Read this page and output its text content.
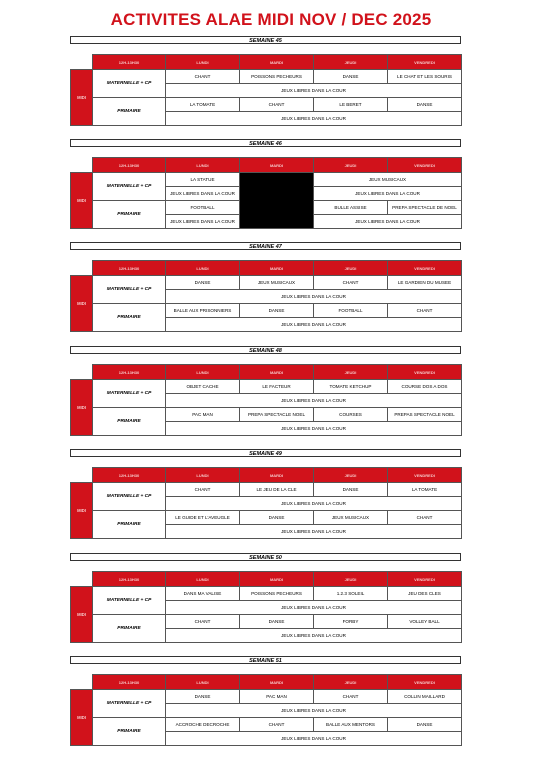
ACTIVITES ALAE MIDI NOV / DEC 2025
SEMAINE 45
	12H-13H30	LUNDI	MARDI	JEUDI	VENDREDI
MIDI	MATERNELLE + CP	CHANT	POISSONS PECHEURS	DANSE	LE CHAT ET LES SOURIS
		JEUX LIBRES DANS LA COUR			
	PRIMAIRE	LA TOMATE	CHANT	LE BERET	DANSE
		JEUX LIBRES DANS LA COUR			
SEMAINE 46
	12H-13H30	LUNDI	MARDI	JEUDI	VENDREDI
MIDI	MATERNELLE + CP	LA STATUE		JEUX MUSICAUX	
		JEUX LIBRES DANS LA COUR		JEUX LIBRES DANS LA COUR	
	PRIMAIRE	FOOTBALL		BULLE ASSISE	PREPA SPECTACLE DE NOEL
		JEUX LIBRES DANS LA COUR		JEUX LIBRES DANS LA COUR	
SEMAINE 47
	12H-13H30	LUNDI	MARDI	JEUDI	VENDREDI
MIDI	MATERNELLE + CP	DANSE	JEUX MUSICAUX	CHANT	LE GARDIEN DU MUSEE
		JEUX LIBRES DANS LA COUR			
	PRIMAIRE	BALLE AUX PRISONNIERS	DANSE	FOOTBALL	CHANT
		JEUX LIBRES DANS LA COUR			
SEMAINE 48
	12H-13H30	LUNDI	MARDI	JEUDI	VENDREDI
MIDI	MATERNELLE + CP	OBJET CACHE	LE FACTEUR	TOMATE KETCHUP	COURSE DOS A DOS
		JEUX LIBRES DANS LA COUR			
	PRIMAIRE	PAC MAN	PREPA SPECTACLE NOEL	COURSES	PREPAS SPECTACLE NOEL
		JEUX LIBRES DANS LA COUR			
SEMAINE 49
	12H-13H30	LUNDI	MARDI	JEUDI	VENDREDI
MIDI	MATERNELLE + CP	CHANT	LE JEU DE LA CLE	DANSE	LA TOMATE
		JEUX LIBRES DANS LA COUR			
	PRIMAIRE	LE GUIDE ET L'AVEUGLE	DANSE	JEUX MUSICAUX	CHANT
		JEUX LIBRES DANS LA COUR			
SEMAINE 50
	12H-13H30	LUNDI	MARDI	JEUDI	VENDREDI
MIDI	MATERNELLE + CP	DANS MA VALISE	POISSONS PECHEURS	1.2.3 SOLEIL	JEU DES CLES
		JEUX LIBRES DANS LA COUR			
	PRIMAIRE	CHANT	DANSE	FORBY	VOLLEY BALL
		JEUX LIBRES DANS LA COUR			
SEMAINE 51
	12H-13H30	LUNDI	MARDI	JEUDI	VENDREDI
MIDI	MATERNELLE + CP	DANSE	PAC MAN	CHANT	COLLIN MAILLARD
		JEUX LIBRES DANS LA COUR			
	PRIMAIRE	ACCROCHE DECROCHE	CHANT	BALLE AUX MENTORS	DANSE
		JEUX LIBRES DANS LA COUR			
